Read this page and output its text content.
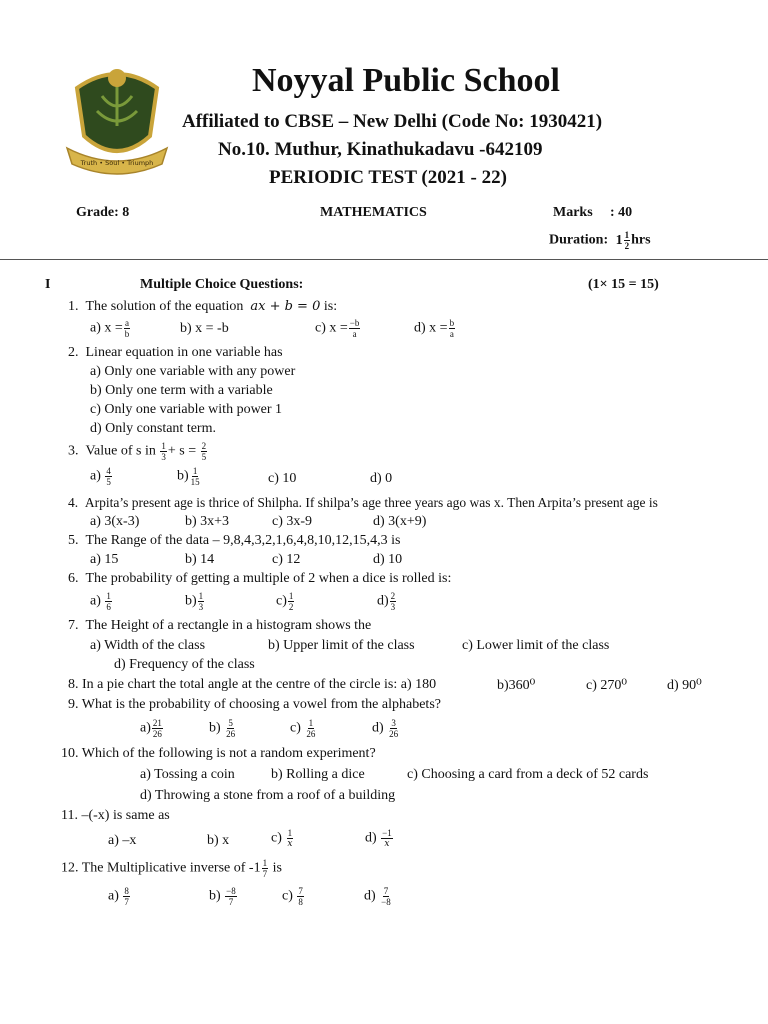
Truth • Soul • Triumph
Noyyal Public School
Affiliated to CBSE – New Delhi (Code No: 1930421)
No.10. Muthur, Kinathukadavu -642109
PERIODIC TEST (2021 - 22)
Grade: 8	MATHEMATICS	Marks : 40
Duration: $1 \frac{1}{2}$ hrs
I	Multiple Choice Questions:	(1× 15 = 15)
1. The solution of the equation ax + b = 0 is:
a) $x = \frac{a}{b}$	b) x = -b	c) $x = \frac{-b}{a}$	d) $x = \frac{b}{a}$
2. Linear equation in one variable has
a) Only one variable with any power
b) Only one term with a variable
c) Only one variable with power 1
d) Only constant term.
3. Value of s in $\frac{1}{3} + s = \frac{2}{5}$
$a) \frac{4}{5}$	$b) \frac{1}{15}$	c) 10	d) 0
4. Arpita’s present age is thrice of Shilpha. If shilpa’s age three years ago was x. Then Arpita’s present age is
a) 3(x-3)	b) 3x+3	c) 3x-9	d) 3(x+9)
5. The Range of the data – 9,8,4,3,2,1,6,4,8,10,12,15,4,3 is
a) 15	b) 14	c) 12	d) 10
6. The probability of getting a multiple of 2 when a dice is rolled is:
$a) \frac{1}{6}$	$b) \frac{1}{3}$	$c) \frac{1}{2}$	$d) \frac{2}{3}$
7. The Height of a rectangle in a histogram shows the
a) Width of the class	b) Upper limit of the class	c) Lower limit of the class
d) Frequency of the class
8. In a pie chart the total angle at the centre of the circle is: a) 180	b)360⁰	c) 270⁰	d) 90⁰
9. What is the probability of choosing a vowel from the alphabets?
$a) \frac{21}{26}$	$b) \frac{5}{26}$	$c) \frac{1}{26}$	$d) \frac{3}{26}$
10. Which of the following is not a random experiment?
a) Tossing a coin	b) Rolling a dice	c) Choosing a card from a deck of 52 cards
d) Throwing a stone from a roof of a building
11. –(-x) is same as
a) –x	b) x	$c) \frac{1}{x}$	$d) \frac{-1}{x}$
12. The Multiplicative inverse of $-1 \frac{1}{7}$ is
$a) \frac{8}{7}$	$b) \frac{-8}{7}$	$c) \frac{7}{8}$	$d) \frac{7}{-8}$
